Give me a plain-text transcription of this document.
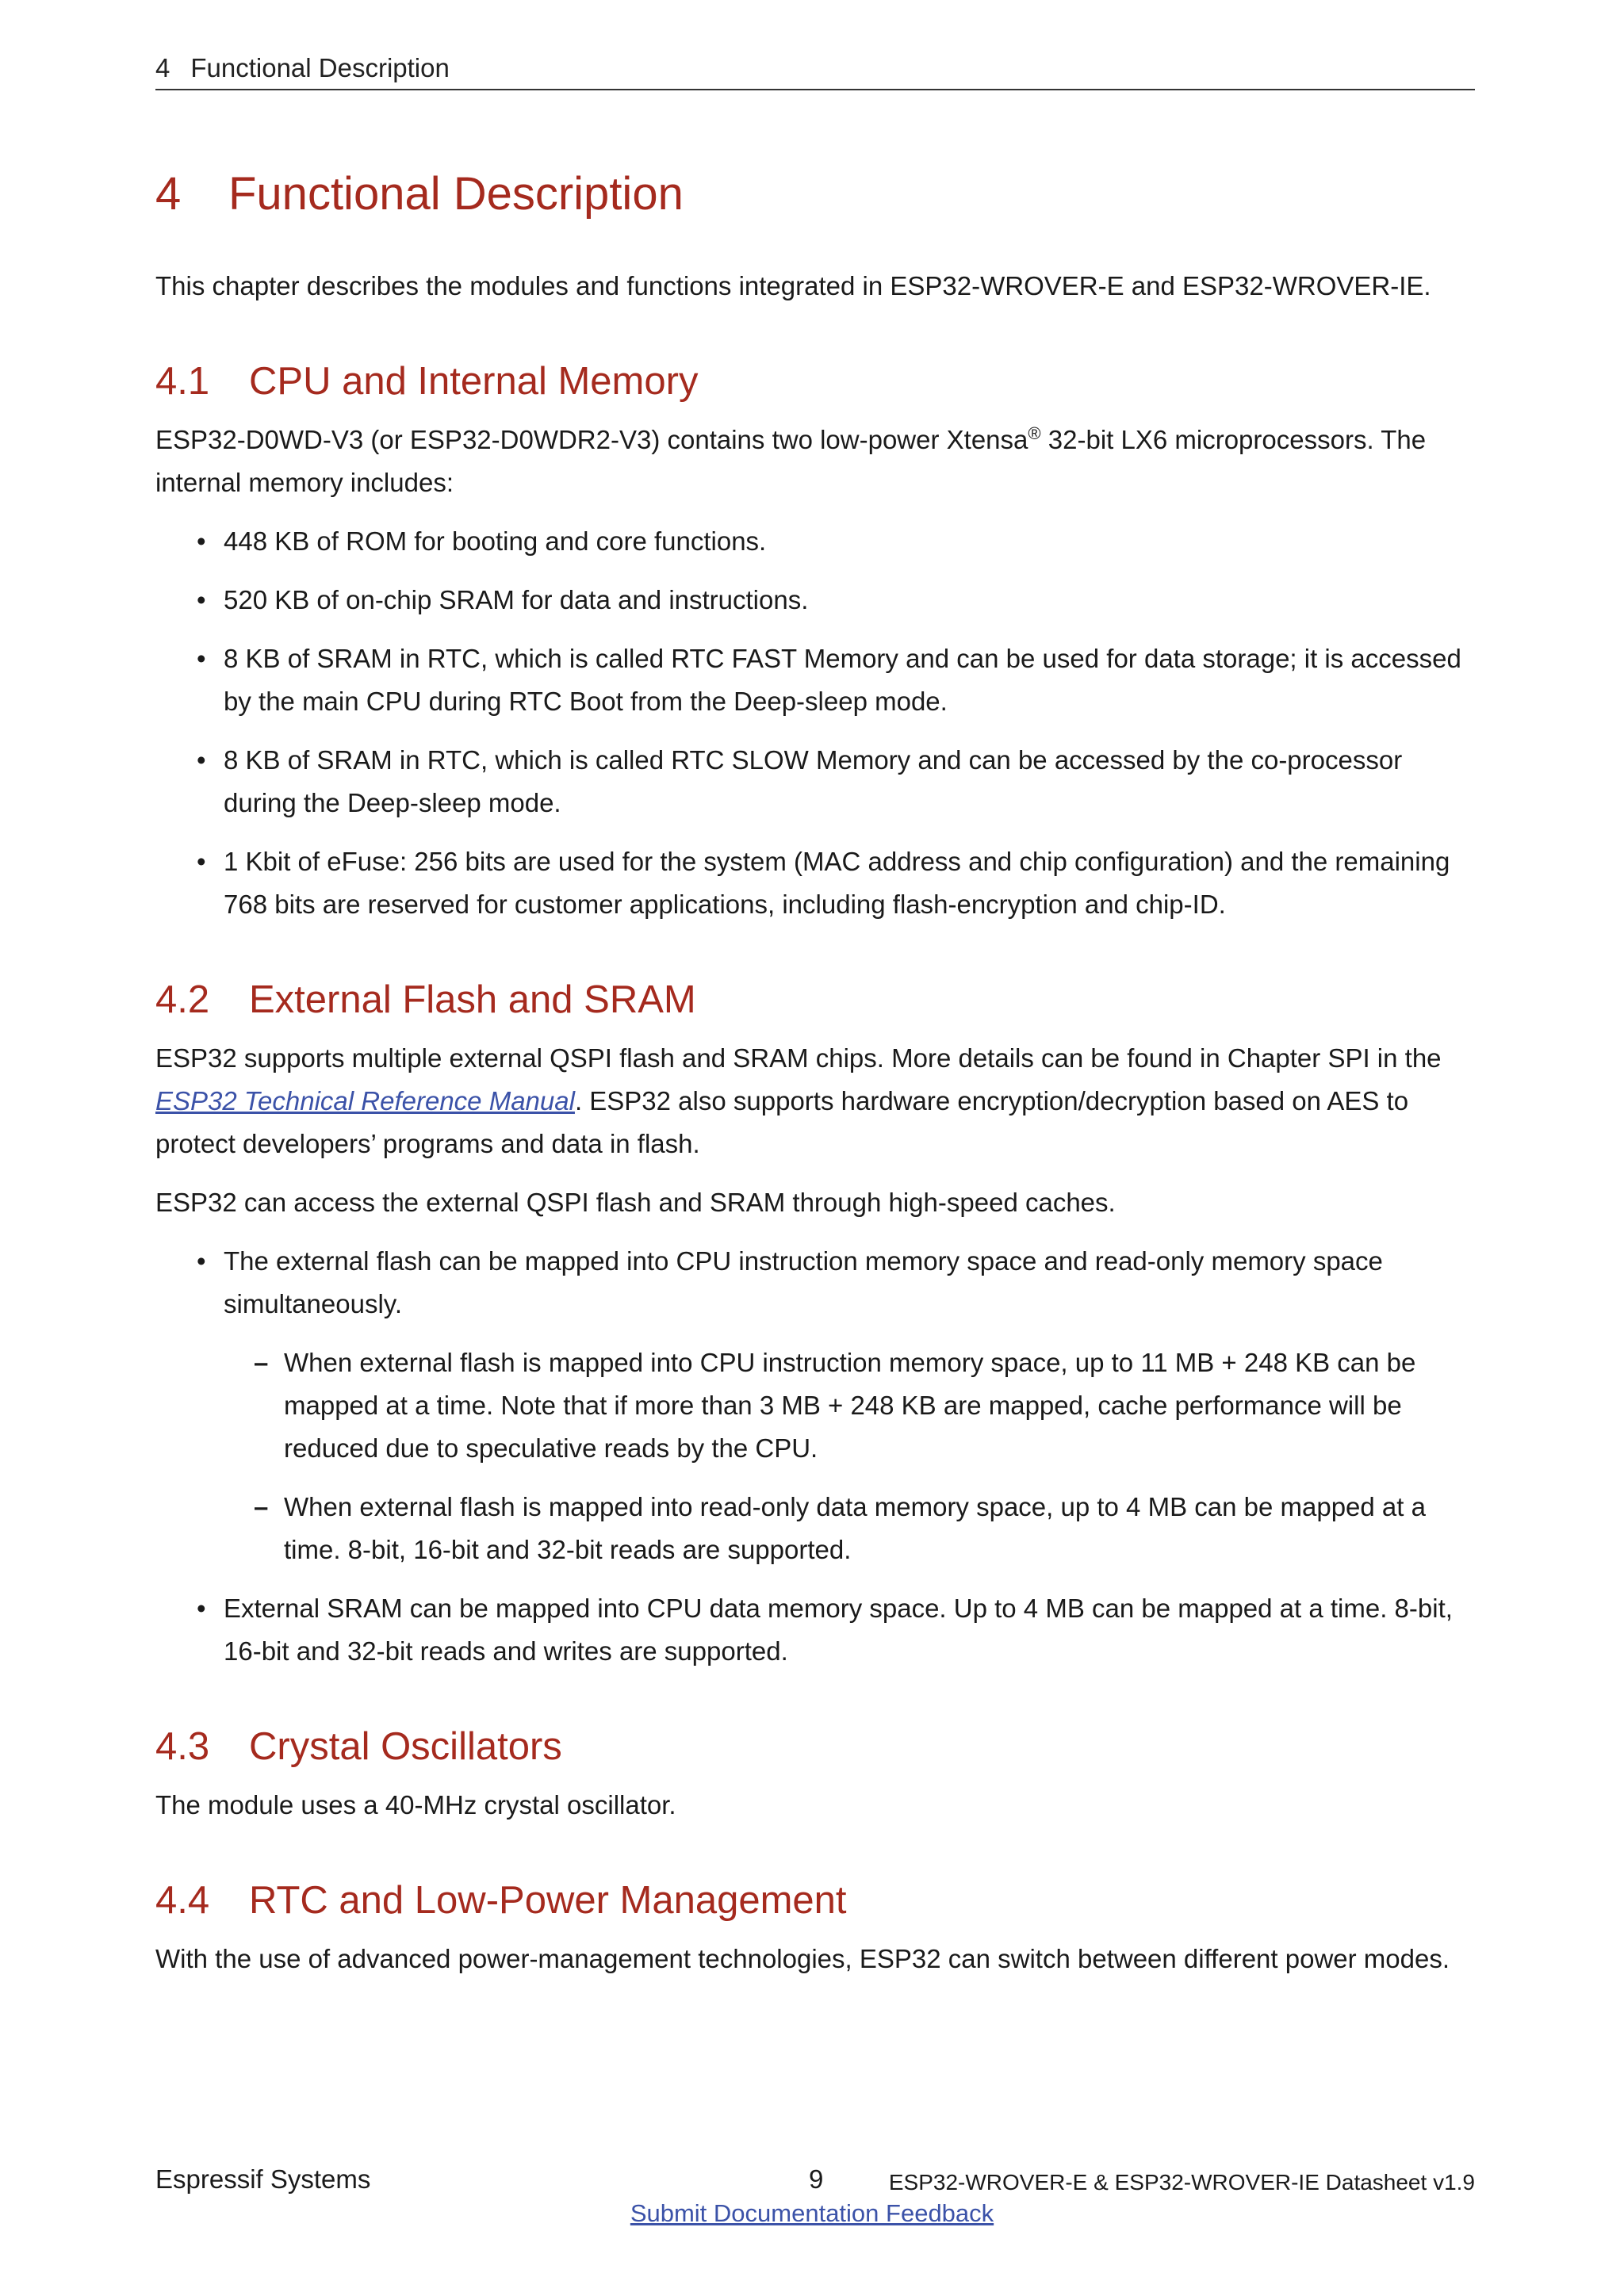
4 Functional Description
4 Functional Description

This chapter describes the modules and functions integrated in ESP32-WROVER-E and ESP32-WROVER-IE.

4.1 CPU and Internal Memory

ESP32-D0WD-V3 (or ESP32-D0WDR2-V3) contains two low-power Xtensa® 32-bit LX6 microprocessors. The internal memory includes:

• 448 KB of ROM for booting and core functions.
• 520 KB of on-chip SRAM for data and instructions.
• 8 KB of SRAM in RTC, which is called RTC FAST Memory and can be used for data storage; it is accessed by the main CPU during RTC Boot from the Deep-sleep mode.
• 8 KB of SRAM in RTC, which is called RTC SLOW Memory and can be accessed by the co-processor during the Deep-sleep mode.
• 1 Kbit of eFuse: 256 bits are used for the system (MAC address and chip configuration) and the remaining 768 bits are reserved for customer applications, including flash-encryption and chip-ID.
4.2 External Flash and SRAM

ESP32 supports multiple external QSPI flash and SRAM chips. More details can be found in Chapter SPI in the ESP32 Technical Reference Manual. ESP32 also supports hardware encryption/decryption based on AES to protect developers’ programs and data in flash.

ESP32 can access the external QSPI flash and SRAM through high-speed caches.

• The external flash can be mapped into CPU instruction memory space and read-only memory space simultaneously.
– When external flash is mapped into CPU instruction memory space, up to 11 MB + 248 KB can be mapped at a time. Note that if more than 3 MB + 248 KB are mapped, cache performance will be reduced due to speculative reads by the CPU.
– When external flash is mapped into read-only data memory space, up to 4 MB can be mapped at a time. 8-bit, 16-bit and 32-bit reads are supported.
• External SRAM can be mapped into CPU data memory space. Up to 4 MB can be mapped at a time. 8-bit, 16-bit and 32-bit reads and writes are supported.
4.3 Crystal Oscillators

The module uses a 40-MHz crystal oscillator.

4.4 RTC and Low-Power Management

With the use of advanced power-management technologies, ESP32 can switch between different power modes.

Espressif Systems	9	ESP32-WROVER-E & ESP32-WROVER-IE Datasheet v1.9
Submit Documentation Feedback
